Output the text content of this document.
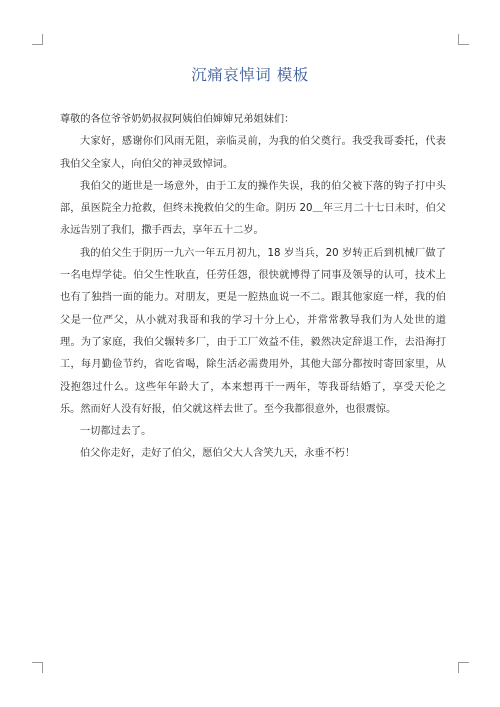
沉痛哀悼词 模板

尊敬的各位爷爷奶奶叔叔阿姨伯伯婶婶兄弟姐妹们：

大家好，感谢你们风雨无阻，亲临灵前，为我的伯父奠行。我受我哥委托，代表我伯父全家人，向伯父的神灵致悼词。

我伯父的逝世是一场意外，由于工友的操作失误，我的伯父被下落的钩子打中头部，虽医院全力抢救，但终未挽救伯父的生命。阴历 20＿年三月二十七日未时，伯父永远告别了我们，撒手西去，享年五十二岁。

我的伯父生于阴历一九六一年五月初九，18 岁当兵，20 岁转正后到机械厂做了一名电焊学徒。伯父生性耿直，任劳任怨，很快就博得了同事及领导的认可，技术上也有了独挡一面的能力。对朋友，更是一腔热血说一不二。跟其他家庭一样，我的伯父是一位严父，从小就对我哥和我的学习十分上心，并常常教导我们为人处世的道理。为了家庭，我伯父辗转多厂，由于工厂效益不佳，毅然决定辞退工作，去沿海打工，每月勤俭节约，省吃省喝，除生活必需费用外，其他大部分都按时寄回家里，从没抱怨过什么。这些年年龄大了，本来想再干一两年，等我哥结婚了，享受天伦之乐。然而好人没有好报，伯父就这样去世了。至今我都很意外，也很震惊。

一切都过去了。

伯父你走好，走好了伯父，愿伯父大人含笑九天，永垂不朽！
